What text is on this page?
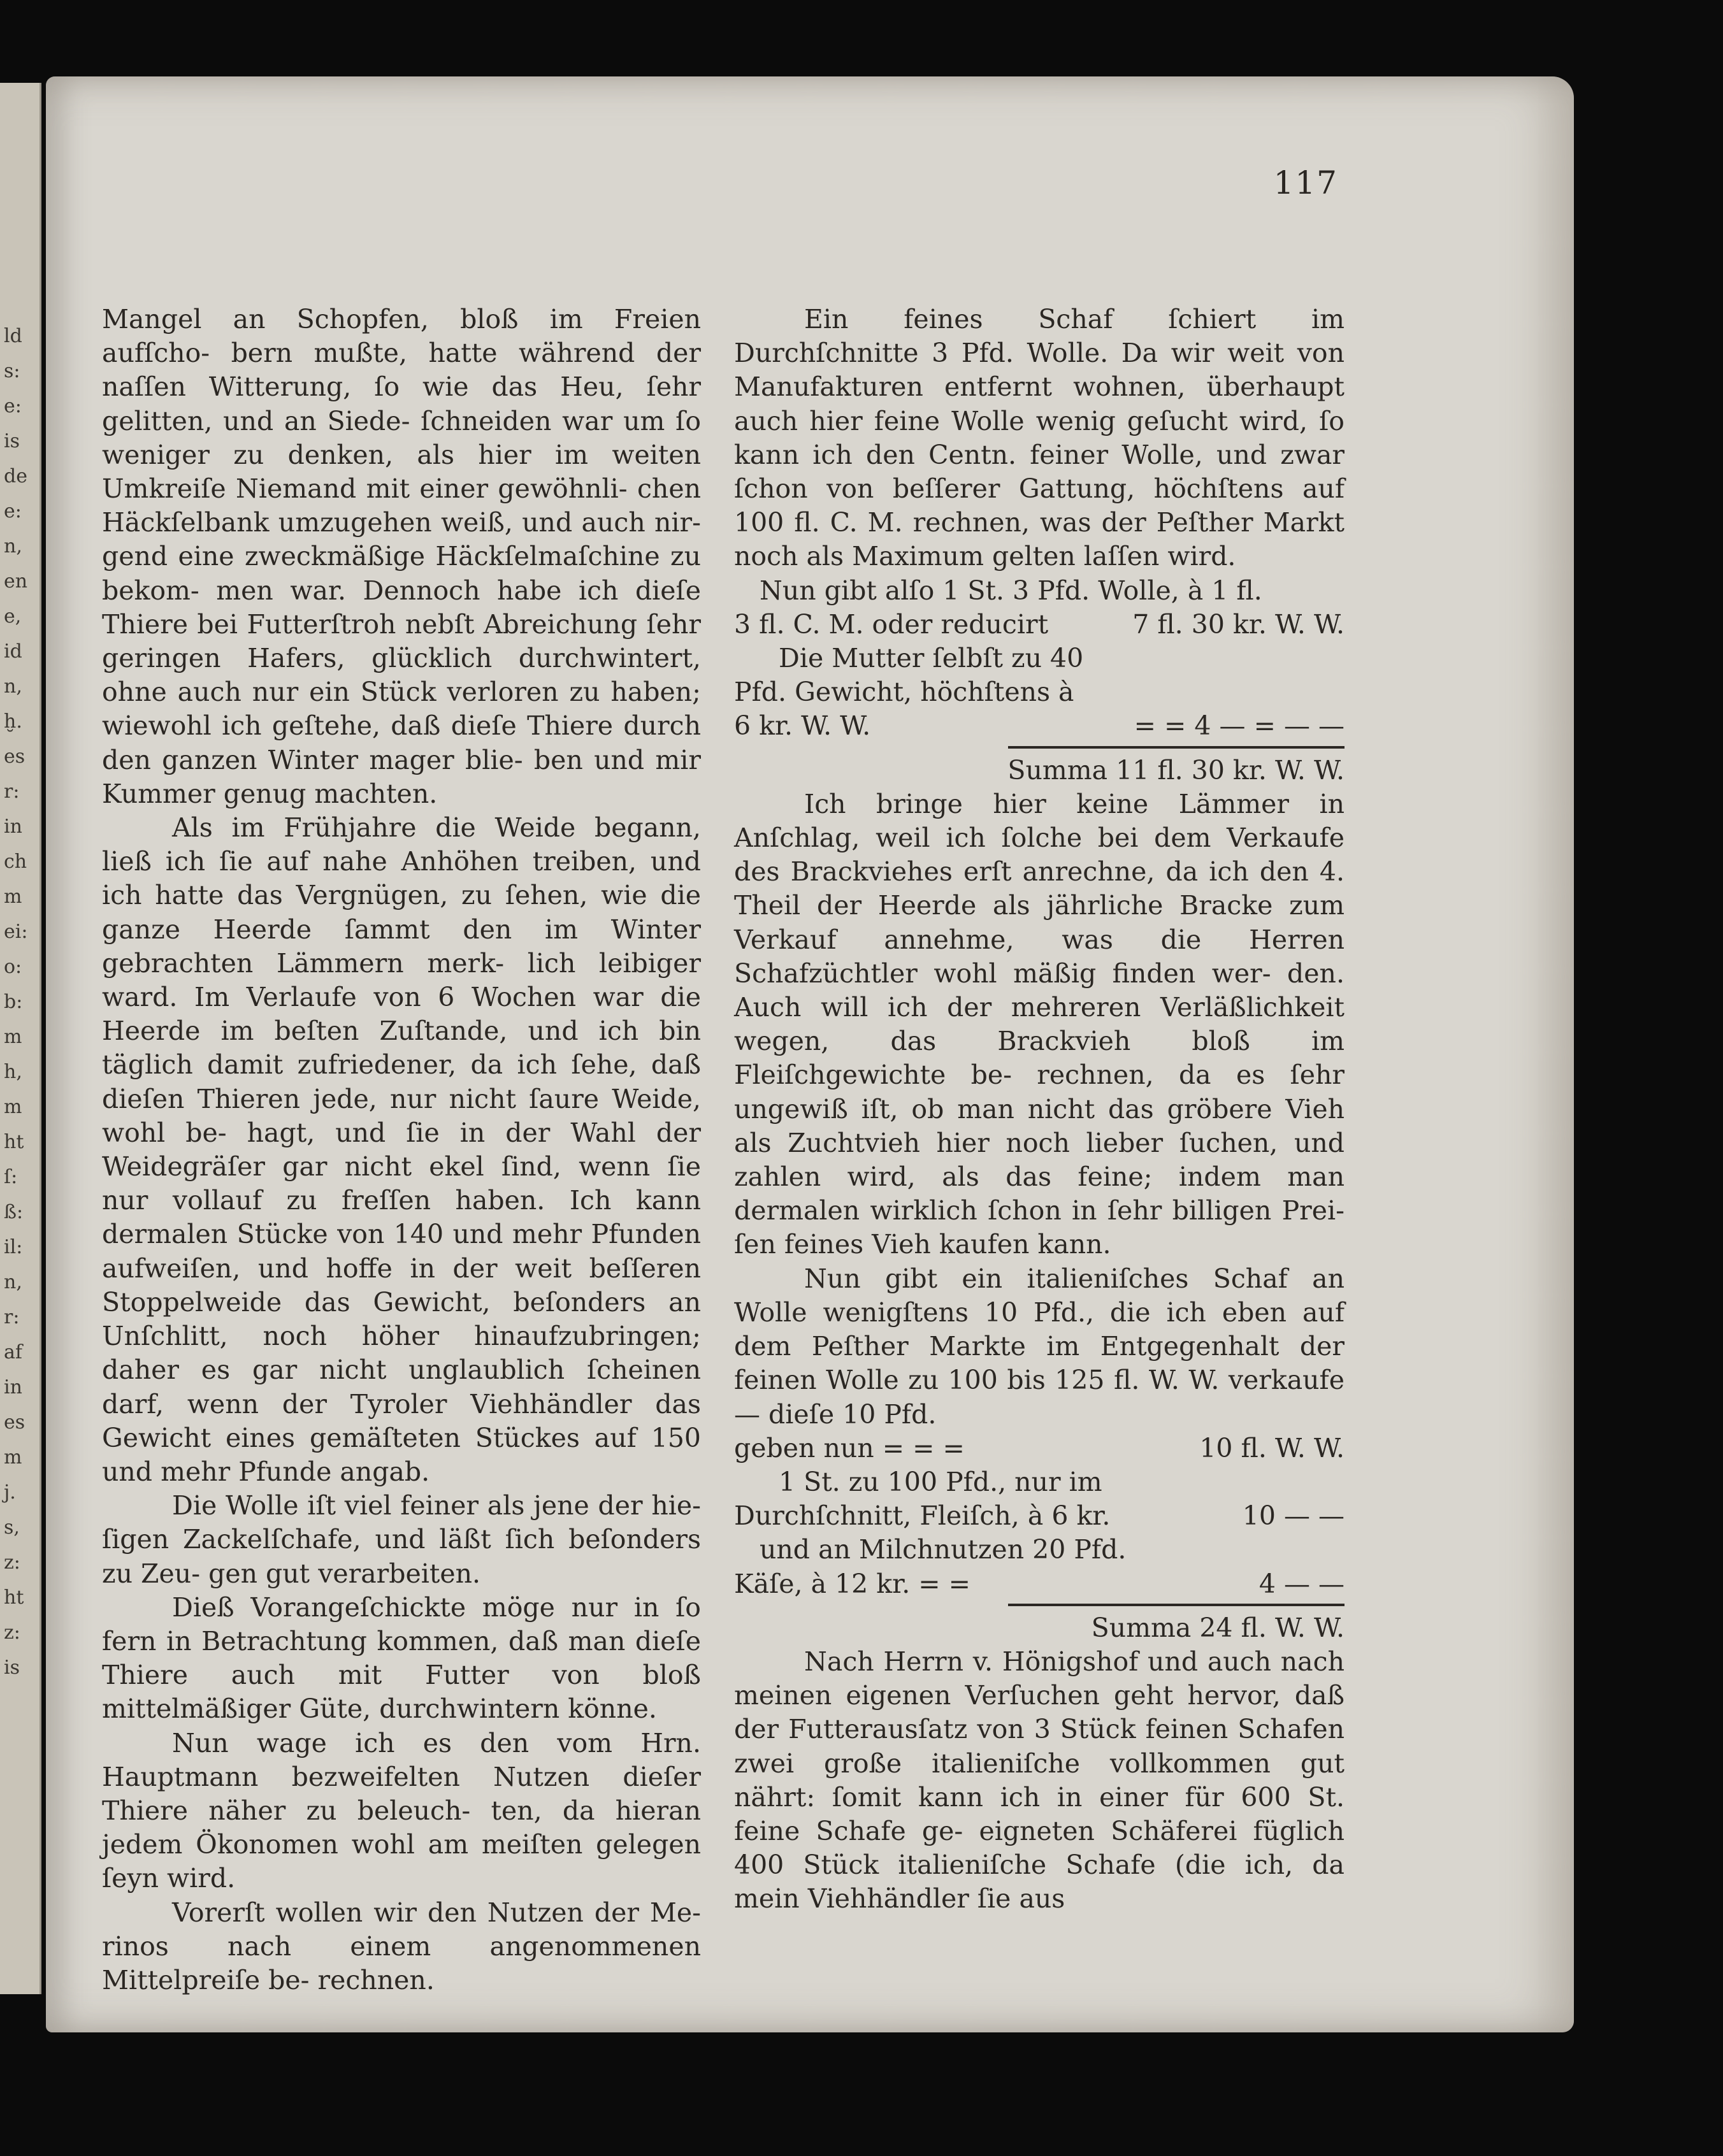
ld
s:
e:
is
de
e:
n,
en
e,
id
n,
ḫ.
es
r:
in
ch
m
ei:
o:
b:
m
h,
m
ht
ſ:
ß:
il:
n,
r:
af
in
es
m
j.
s,
z:
ht
z:
is
117

Mangel an Schopfen, bloß im Freien aufſcho- bern mußte, hatte während der naſſen Witterung, ſo wie das Heu, ſehr gelitten, und an Siede- ſchneiden war um ſo weniger zu denken, als hier im weiten Umkreiſe Niemand mit einer gewöhnli- chen Häckſelbank umzugehen weiß, und auch nir- gend eine zweckmäßige Häckſelmaſchine zu bekom- men war. Dennoch habe ich dieſe Thiere bei Futterſtroh nebſt Abreichung ſehr geringen Hafers, glücklich durchwintert, ohne auch nur ein Stück verloren zu haben; wiewohl ich geſtehe, daß dieſe Thiere durch den ganzen Winter mager blie- ben und mir Kummer genug machten.

Als im Frühjahre die Weide begann, ließ ich ſie auf nahe Anhöhen treiben, und ich hatte das Vergnügen, zu ſehen, wie die ganze Heerde ſammt den im Winter gebrachten Lämmern merk- lich leibiger ward. Im Verlaufe von 6 Wochen war die Heerde im beſten Zuſtande, und ich bin täglich damit zufriedener, da ich ſehe, daß dieſen Thieren jede, nur nicht ſaure Weide, wohl be- hagt, und ſie in der Wahl der Weidegräſer gar nicht ekel ſind, wenn ſie nur vollauf zu freſſen haben. Ich kann dermalen Stücke von 140 und mehr Pfunden aufweiſen, und hoffe in der weit beſſeren Stoppelweide das Gewicht, beſonders an Unſchlitt, noch höher hinaufzubringen; daher es gar nicht unglaublich ſcheinen darf, wenn der Tyroler Viehhändler das Gewicht eines gemäſteten Stückes auf 150 und mehr Pfunde angab.

Die Wolle iſt viel feiner als jene der hie- ſigen Zackelſchafe, und läßt ſich beſonders zu Zeu- gen gut verarbeiten.

Dieß Vorangeſchickte möge nur in ſo fern in Betrachtung kommen, daß man dieſe Thiere auch mit Futter von bloß mittelmäßiger Güte, durchwintern könne.

Nun wage ich es den vom Hrn. Hauptmann bezweifelten Nutzen dieſer Thiere näher zu beleuch- ten, da hieran jedem Ökonomen wohl am meiſten gelegen ſeyn wird.

Vorerſt wollen wir den Nutzen der Me- rinos nach einem angenommenen Mittelpreiſe be- rechnen.

Ein feines Schaf ſchiert im Durchſchnitte 3 Pfd. Wolle. Da wir weit von Manufakturen entfernt wohnen, überhaupt auch hier feine Wolle wenig geſucht wird, ſo kann ich den Centn. feiner Wolle, und zwar ſchon von beſſerer Gattung, höchſtens auf 100 fl. C. M. rechnen, was der Peſther Markt noch als Maximum gelten laſſen wird.

Nun gibt alſo 1 St. 3 Pfd. Wolle, à 1 fl.
3 fl. C. M. oder reducirt	7 fl. 30 kr. W. W.
Die Mutter ſelbſt zu 40
Pfd. Gewicht, höchſtens à
6 kr. W. W.	= = 4 — = — —
Summa 11 fl. 30 kr. W. W.

Ich bringe hier keine Lämmer in Anſchlag, weil ich ſolche bei dem Verkaufe des Brackviehes erſt anrechne, da ich den 4. Theil der Heerde als jährliche Bracke zum Verkauf annehme, was die Herren Schafzüchtler wohl mäßig finden wer- den. Auch will ich der mehreren Verläßlichkeit wegen, das Brackvieh bloß im Fleiſchgewichte be- rechnen, da es ſehr ungewiß iſt, ob man nicht das gröbere Vieh als Zuchtvieh hier noch lieber ſuchen, und zahlen wird, als das feine; indem man dermalen wirklich ſchon in ſehr billigen Prei- ſen feines Vieh kaufen kann.

Nun gibt ein italieniſches Schaf an Wolle wenigſtens 10 Pfd., die ich eben auf dem Peſther Markte im Entgegenhalt der feinen Wolle zu 100 bis 125 fl. W. W. verkaufe — dieſe 10 Pfd.

geben nun = = =	10 fl. W. W.
1 St. zu 100 Pfd., nur im
Durchſchnitt, Fleiſch, à 6 kr.	10 — —
und an Milchnutzen 20 Pfd.
Käſe, à 12 kr. = =	4 — —
Summa 24 fl. W. W.

Nach Herrn v. Hönigshof und auch nach meinen eigenen Verſuchen geht hervor, daß der Futterausſatz von 3 Stück feinen Schafen zwei große italieniſche vollkommen gut nährt: ſomit kann ich in einer für 600 St. feine Schafe ge- eigneten Schäferei füglich 400 Stück italieniſche Schafe (die ich, da mein Viehhändler ſie aus
